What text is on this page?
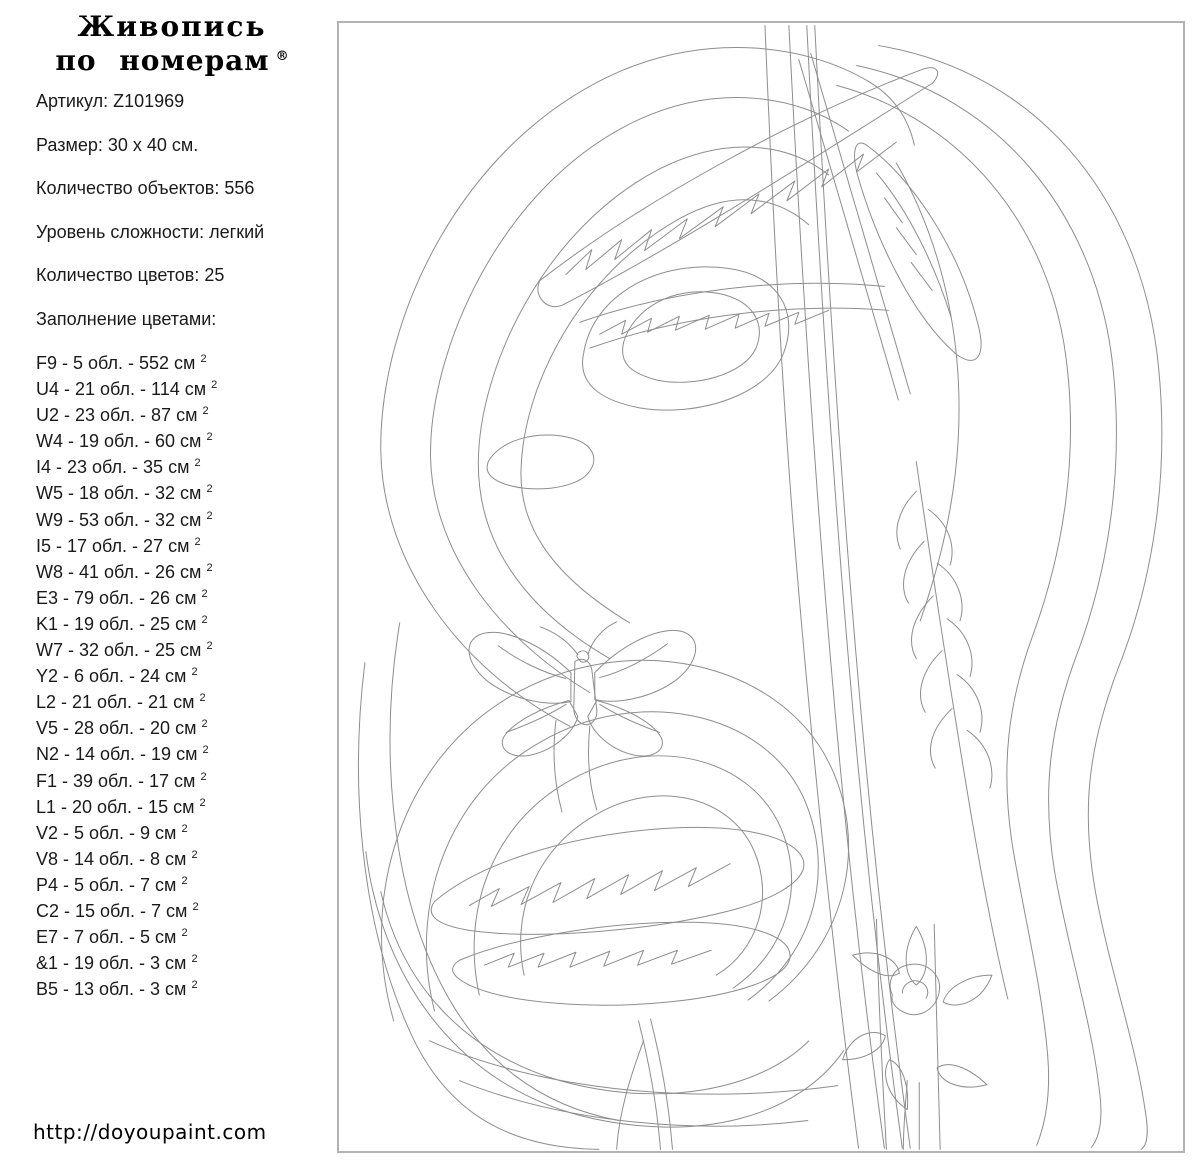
Живопись
по номерам ®

Артикул: Z101969

Размер: 30 x 40 см.

Количество объектов: 556

Уровень сложности: легкий

Количество цветов: 25

Заполнение цветами:

F9 - 5 обл. - 552 см $^2$
U4 - 21 обл. - 114 см $^2$
U2 - 23 обл. - 87 см $^2$
W4 - 19 обл. - 60 см $^2$
I4 - 23 обл. - 35 см $^2$
W5 - 18 обл. - 32 см $^2$
W9 - 53 обл. - 32 см $^2$
I5 - 17 обл. - 27 см $^2$
W8 - 41 обл. - 26 см $^2$
E3 - 79 обл. - 26 см $^2$
K1 - 19 обл. - 25 см $^2$
W7 - 32 обл. - 25 см $^2$
Y2 - 6 обл. - 24 см $^2$
L2 - 21 обл. - 21 см $^2$
V5 - 28 обл. - 20 см $^2$
N2 - 14 обл. - 19 см $^2$
F1 - 39 обл. - 17 см $^2$
L1 - 20 обл. - 15 см $^2$
V2 - 5 обл. - 9 см $^2$
V8 - 14 обл. - 8 см $^2$
P4 - 5 обл. - 7 см $^2$
C2 - 15 обл. - 7 см $^2$
E7 - 7 обл. - 5 см $^2$
&1 - 19 обл. - 3 см $^2$
B5 - 13 обл. - 3 см $^2$
http://doyoupaint.com
